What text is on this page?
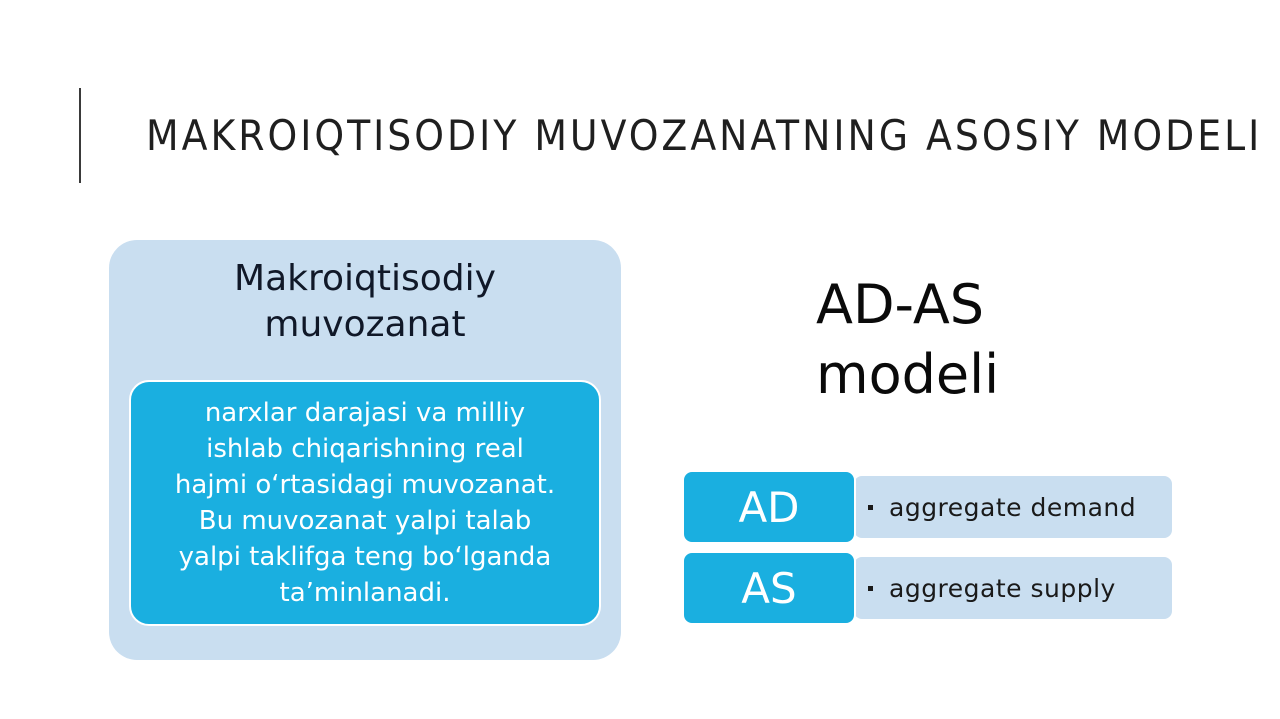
MAKROIQTISODIY MUVOZANATNING ASOSIY MODELI
Makroiqtisodiy
muvozanat
narxlar darajasi va milliy
ishlab chiqarishning real
hajmi o‘rtasidagi muvozanat.
Bu muvozanat yalpi talab
yalpi taklifga teng bo‘lganda
ta’minlanadi.
AD-AS
modeli
aggregate demand
AD
aggregate supply
AS
